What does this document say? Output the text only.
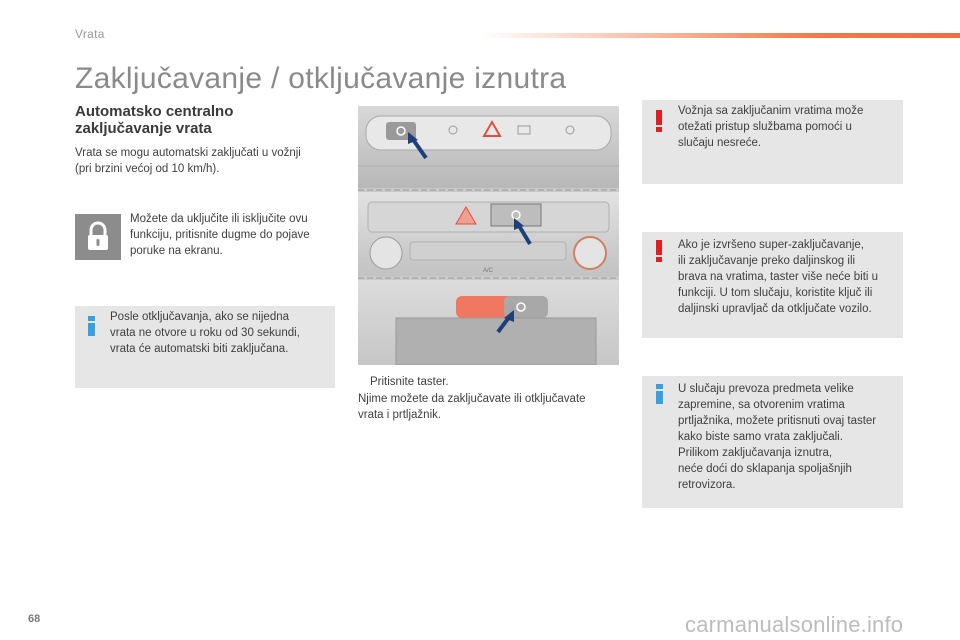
Vrata
Zaključavanje / otključavanje iznutra
Automatsko centralno
zaključavanje vrata

Vrata se mogu automatski zaključati u vožnji
(pri brzini većoj od 10 km/h).

Možete da uključite ili isključite ovu
funkciju, pritisnite dugme do pojave
poruke na ekranu.

Posle otključavanja, ako se nijedna
vrata ne otvore u roku od 30 sekundi,
vrata će automatski biti zaključana.

A/C

Pritisnite taster.
Njime možete da zaključavate ili otključavate
vrata i prtljažnik.

Vožnja sa zaključanim vratima može
otežati pristup službama pomoći u
slučaju nesreće.

Ako je izvršeno super-zaključavanje,
ili zaključavanje preko daljinskog ili
brava na vratima, taster više neće biti u
funkciji. U tom slučaju, koristite ključ ili
daljinski upravljač da otključate vozilo.

U slučaju prevoza predmeta velike
zapremine, sa otvorenim vratima
prtljažnika, možete pritisnuti ovaj taster
kako biste samo vrata zaključali.
Prilikom zaključavanja iznutra,
neće doći do sklapanja spoljašnjih
retrovizora.

68	carmanualsonline.info
